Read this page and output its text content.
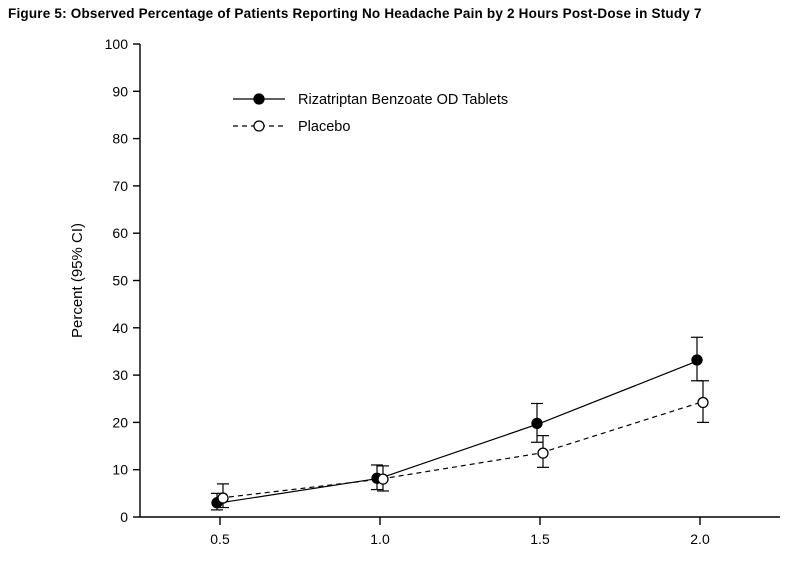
Figure 5: Observed Percentage of Patients Reporting No Headache Pain by 2 Hours Post-Dose in Study 7
0
10
20
30
40
50
60
70
80
90
100
0.5	1.0	1.5	2.0
Percent (95% CI)
Rizatriptan Benzoate OD Tablets
Placebo
